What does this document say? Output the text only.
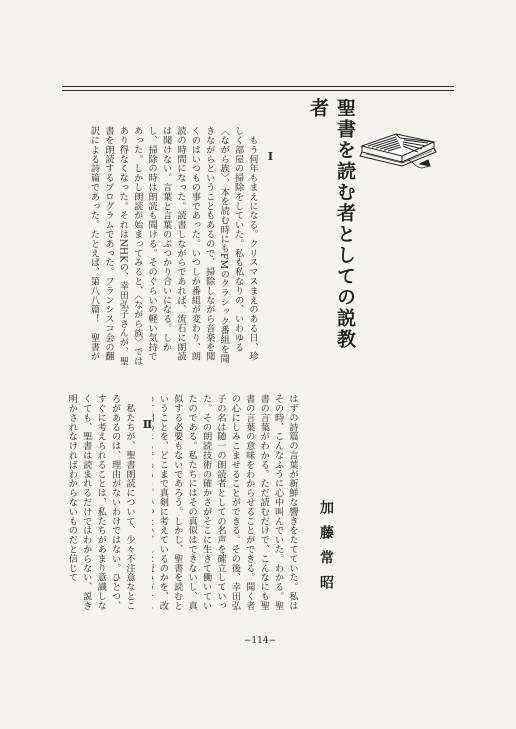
聖書を読む者としての説教者
Ⅰ
　もう何年もまえになる。クリスマスまえのある日、珍しく部屋の掃除をしていた。私も私なりの、いわゆる〈ながら族〉、本を読む時にもFMのクラシック番組を聞きながらということもあるので、掃除しながら音楽を聞くのはいつもの事であった。いつしか番組が変わり、朗読の時間になった。読書しながらであれば、流石に朗読は聞けない。言葉と言葉のぶつかり合いになる。しかし、掃除の時は朗読も聞ける。そのぐらいの軽い気持であった。しかし朗読が始まってみると、〈ながら族〉ではあり得なくなった。それはNHKの、幸田弘子さんが、聖書を朗読するプログラムであった。フランシスコ会の翻訳による詩篇であった。たとえば、第八八篇！　聖書が
はずの詩篇の言葉が新鮮な響きをたてていた。私はその時、こんなふうに心中叫んでいた。わかる。聖書の言葉がわかる。ただ読むだけで、こんなにも聖書の言葉の意味をわからせることができる。聞く者の心にしみこませることができる。その後、幸田弘子の名は随一の朗読者としての名声を確立していった。その朗読技術の確かさがそこに生きて働いていたのである。私たちにはその真似はできないし、真似する必要もないであろう。しかし、聖書を読むということを、どこまで真剣に考えているのかを、改
Ⅱ
　私たちが、聖書朗読について、少々不注意なところがあるのは、理由がないわけではない。ひとつ、すぐに考えられることは、私たちがあまり意識しなくても、聖書は読まれるだけではわからない、説き明かされなければわからないものだと信じて	加藤常昭
−114−
